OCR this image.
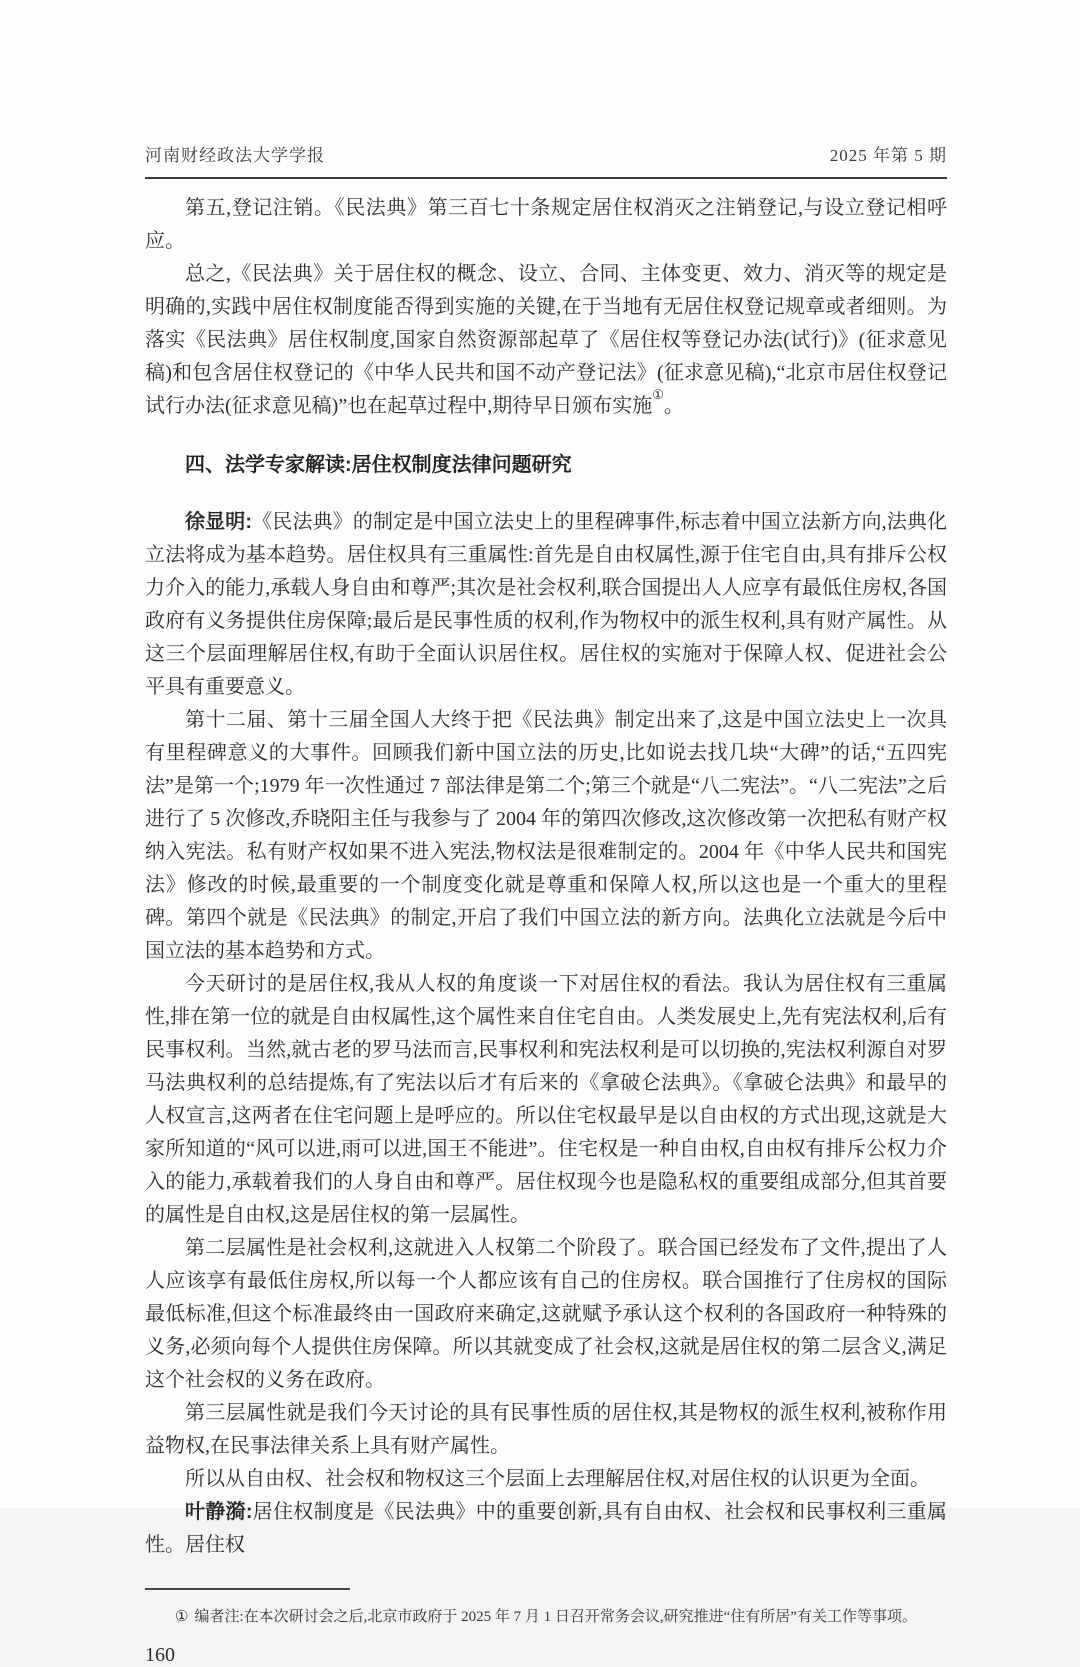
河南财经政法大学学报	2025 年第 5 期

第五,登记注销。《民法典》第三百七十条规定居住权消灭之注销登记,与设立登记相呼应。

总之,《民法典》关于居住权的概念、设立、合同、主体变更、效力、消灭等的规定是明确的,实践中居住权制度能否得到实施的关键,在于当地有无居住权登记规章或者细则。为落实《民法典》居住权制度,国家自然资源部起草了《居住权等登记办法(试行)》(征求意见稿)和包含居住权登记的《中华人民共和国不动产登记法》(征求意见稿),“北京市居住权登记试行办法(征求意见稿)”也在起草过程中,期待早日颁布实施①。

四、法学专家解读:居住权制度法律问题研究

徐显明:《民法典》的制定是中国立法史上的里程碑事件,标志着中国立法新方向,法典化立法将成为基本趋势。居住权具有三重属性:首先是自由权属性,源于住宅自由,具有排斥公权力介入的能力,承载人身自由和尊严;其次是社会权利,联合国提出人人应享有最低住房权,各国政府有义务提供住房保障;最后是民事性质的权利,作为物权中的派生权利,具有财产属性。从这三个层面理解居住权,有助于全面认识居住权。居住权的实施对于保障人权、促进社会公平具有重要意义。

第十二届、第十三届全国人大终于把《民法典》制定出来了,这是中国立法史上一次具有里程碑意义的大事件。回顾我们新中国立法的历史,比如说去找几块“大碑”的话,“五四宪法”是第一个;1979 年一次性通过 7 部法律是第二个;第三个就是“八二宪法”。“八二宪法”之后进行了 5 次修改,乔晓阳主任与我参与了 2004 年的第四次修改,这次修改第一次把私有财产权纳入宪法。私有财产权如果不进入宪法,物权法是很难制定的。2004 年《中华人民共和国宪法》修改的时候,最重要的一个制度变化就是尊重和保障人权,所以这也是一个重大的里程碑。第四个就是《民法典》的制定,开启了我们中国立法的新方向。法典化立法就是今后中国立法的基本趋势和方式。

今天研讨的是居住权,我从人权的角度谈一下对居住权的看法。我认为居住权有三重属性,排在第一位的就是自由权属性,这个属性来自住宅自由。人类发展史上,先有宪法权利,后有民事权利。当然,就古老的罗马法而言,民事权利和宪法权利是可以切换的,宪法权利源自对罗马法典权利的总结提炼,有了宪法以后才有后来的《拿破仑法典》。《拿破仑法典》和最早的人权宣言,这两者在住宅问题上是呼应的。所以住宅权最早是以自由权的方式出现,这就是大家所知道的“风可以进,雨可以进,国王不能进”。住宅权是一种自由权,自由权有排斥公权力介入的能力,承载着我们的人身自由和尊严。居住权现今也是隐私权的重要组成部分,但其首要的属性是自由权,这是居住权的第一层属性。

第二层属性是社会权利,这就进入人权第二个阶段了。联合国已经发布了文件,提出了人人应该享有最低住房权,所以每一个人都应该有自己的住房权。联合国推行了住房权的国际最低标准,但这个标准最终由一国政府来确定,这就赋予承认这个权利的各国政府一种特殊的义务,必须向每个人提供住房保障。所以其就变成了社会权,这就是居住权的第二层含义,满足这个社会权的义务在政府。

第三层属性就是我们今天讨论的具有民事性质的居住权,其是物权的派生权利,被称作用益物权,在民事法律关系上具有财产属性。

所以从自由权、社会权和物权这三个层面上去理解居住权,对居住权的认识更为全面。

叶静漪:居住权制度是《民法典》中的重要创新,具有自由权、社会权和民事权利三重属性。居住权

① 编者注:在本次研讨会之后,北京市政府于 2025 年 7 月 1 日召开常务会议,研究推进“住有所居”有关工作等事项。

160
